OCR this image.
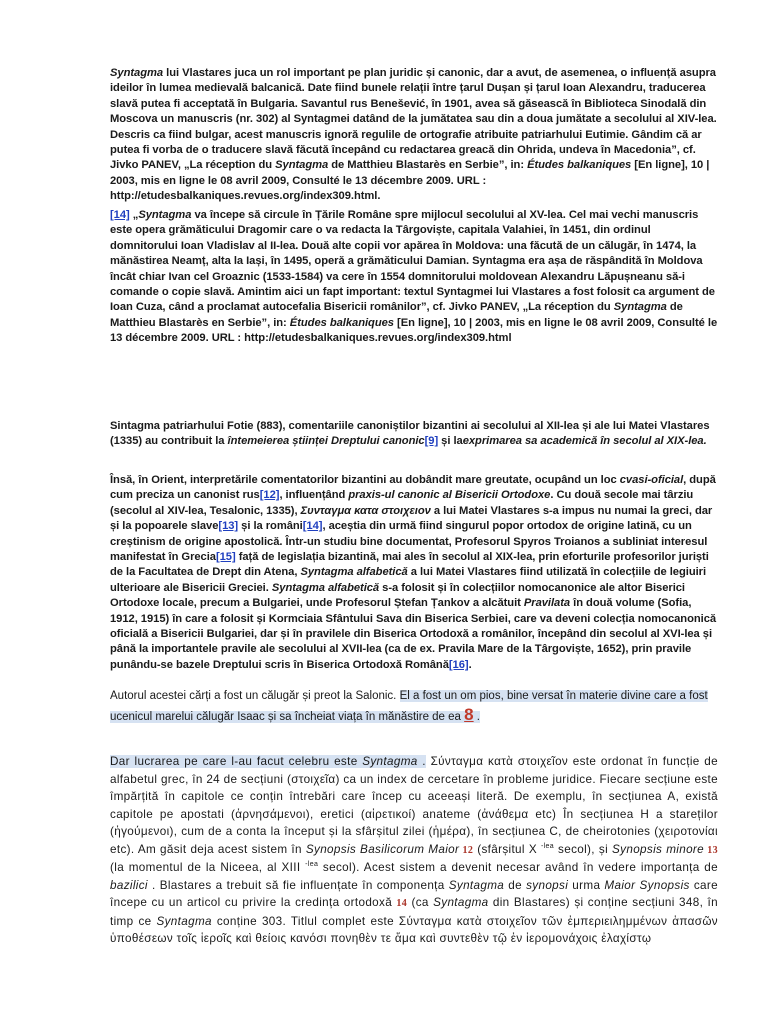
Syntagma lui Vlastares juca un rol important pe plan juridic și canonic, dar a avut, de asemenea, o influență asupra ideilor în lumea medievală balcanică. Date fiind bunele relații între țarul Dușan și țarul Ioan Alexandru, traducerea slavă putea fi acceptată în Bulgaria. Savantul rus Benešević, în 1901, avea să găsească în Biblioteca Sinodală din Moscova un manuscris (nr. 302) al Syntagmei datând de la jumătatea sau din a doua jumătate a secolului al XIV-lea. Descris ca fiind bulgar, acest manuscris ignoră regulile de ortografie atribuite patriarhului Eutimie. Gândim că ar putea fi vorba de o traducere slavă făcută începând cu redactarea greacă din Ohrida, undeva în Macedonia”, cf. Jivko PANEV, „La réception du Syntagma de Matthieu Blastarès en Serbie”, in: Études balkaniques [En ligne], 10 | 2003, mis en ligne le 08 avril 2009, Consulté le 13 décembre 2009. URL : http://etudesbalkaniques.revues.org/index309.html.

[14] „Syntagma va începe să circule în Țările Române spre mijlocul secolului al XV-lea. Cel mai vechi manuscris este opera grămăticului Dragomir care o va redacta la Târgoviște, capitala Valahiei, în 1451, din ordinul domnitorului Ioan Vladislav al II-lea. Două alte copii vor apărea în Moldova: una făcută de un călugăr, în 1474, la mănăstirea Neamț, alta la Iași, în 1495, operă a grămăticului Damian. Syntagma era așa de răspândită în Moldova încât chiar Ivan cel Groaznic (1533-1584) va cere în 1554 domnitorului moldovean Alexandru Lăpușneanu să-i comande o copie slavă. Amintim aici un fapt important: textul Syntagmei lui Vlastares a fost folosit ca argument de Ioan Cuza, când a proclamat autocefalia Bisericii românilor”, cf. Jivko PANEV, „La réception du Syntagma de Matthieu Blastarès en Serbie”, in: Études balkaniques [En ligne], 10 | 2003, mis en ligne le 08 avril 2009, Consulté le 13 décembre 2009. URL : http://etudesbalkaniques.revues.org/index309.html

Sintagma patriarhului Fotie (883), comentariile canoniștilor bizantini ai secolului al XII-lea și ale lui Matei Vlastares (1335) au contribuit la întemeierea științei Dreptului canonic[9] și laexprimarea sa academică în secolul al XIX-lea.

Însă, în Orient, interpretările comentatorilor bizantini au dobândit mare greutate, ocupând un loc cvasi-oficial, după cum preciza un canonist rus[12], influențând praxis-ul canonic al Bisericii Ortodoxe. Cu două secole mai târziu (secolul al XIV-lea, Tesalonic, 1335), Συνταγμα κατα στοιχειον a lui Matei Vlastares s-a impus nu numai la greci, dar și la popoarele slave[13] și la români[14], aceștia din urmă fiind singurul popor ortodox de origine latină, cu un creștinism de origine apostolică. Într-un studiu bine documentat, Profesorul Spyros Troianos a subliniat interesul manifestat în Grecia[15] față de legislația bizantină, mai ales în secolul al XIX-lea, prin eforturile profesorilor juriști de la Facultatea de Drept din Atena, Syntagma alfabetică a lui Matei Vlastares fiind utilizată în colecțiile de legiuiri ulterioare ale Bisericii Greciei. Syntagma alfabetică s-a folosit și în colecțiilor nomocanonice ale altor Biserici Ortodoxe locale, precum a Bulgariei, unde Profesorul Ștefan Țankov a alcătuit Pravilata în două volume (Sofia, 1912, 1915) în care a folosit și Kormciaia Sfântului Sava din Biserica Serbiei, care va deveni colecția nomocanonică oficială a Bisericii Bulgariei, dar și în pravilele din Biserica Ortodoxă a românilor, începând din secolul al XVI-lea și până la importantele pravile ale secolului al XVII-lea (ca de ex. Pravila Mare de la Târgoviște, 1652), prin pravile punându-se bazele Dreptului scris în Biserica Ortodoxă Română[16].

Autorul acestei cărți a fost un călugăr și preot la Salonic. El a fost un om pios, bine versat în materie divine care a fost ucenicul marelui călugăr Isaac și sa încheiat viața în mănăstire de ea 8 .

Dar lucrarea pe care l-au facut celebru este Syntagma . Σύνταγμα κατὰ στοιχεῖον este ordonat în funcție de alfabetul grec, în 24 de secțiuni (στοιχεῖα) ca un index de cercetare în probleme juridice. Fiecare secțiune este împărțită în capitole ce conțin întrebări care încep cu aceeași literă. De exemplu, în secțiunea A, există capitole pe apostati (ἀρνησάμενοι), eretici (αἱρετικοί) anateme (ἀνάθεμα etc) În secțiunea H a stareților (ἡγούμενοι), cum de a conta la început și la sfârșitul zilei (ἡμέρα), în secțiunea C, de cheirotonies (χειροτονίαι etc). Am găsit deja acest sistem în Synopsis Basilicorum Maior 12 (sfârșitul X $^{-lea}$ secol), și Synopsis minore 13 (la momentul de la Niceea, al XIII $^{-lea}$ secol). Acest sistem a devenit necesar având în vedere importanța de bazilici . Blastares a trebuit să fie influențate în componența Syntagma de synopsi urma Maior Synopsis care începe cu un articol cu privire la credința ortodoxă 14 (ca Syntagma din Blastares) și conține secțiuni 348, în timp ce Syntagma conține 303. Titlul complet este Σύνταγμα κατὰ στοιχεῖον τῶν ἐμπεριειλημμένων ἁπασῶν ὑποθέσεων τοῖς ἱεροῖς καὶ θείοις κανόσι πονηθὲν τε ἅμα καὶ συντεθὲν τῷ ἐν ἱερομονάχοις ἐλαχίστῳ
